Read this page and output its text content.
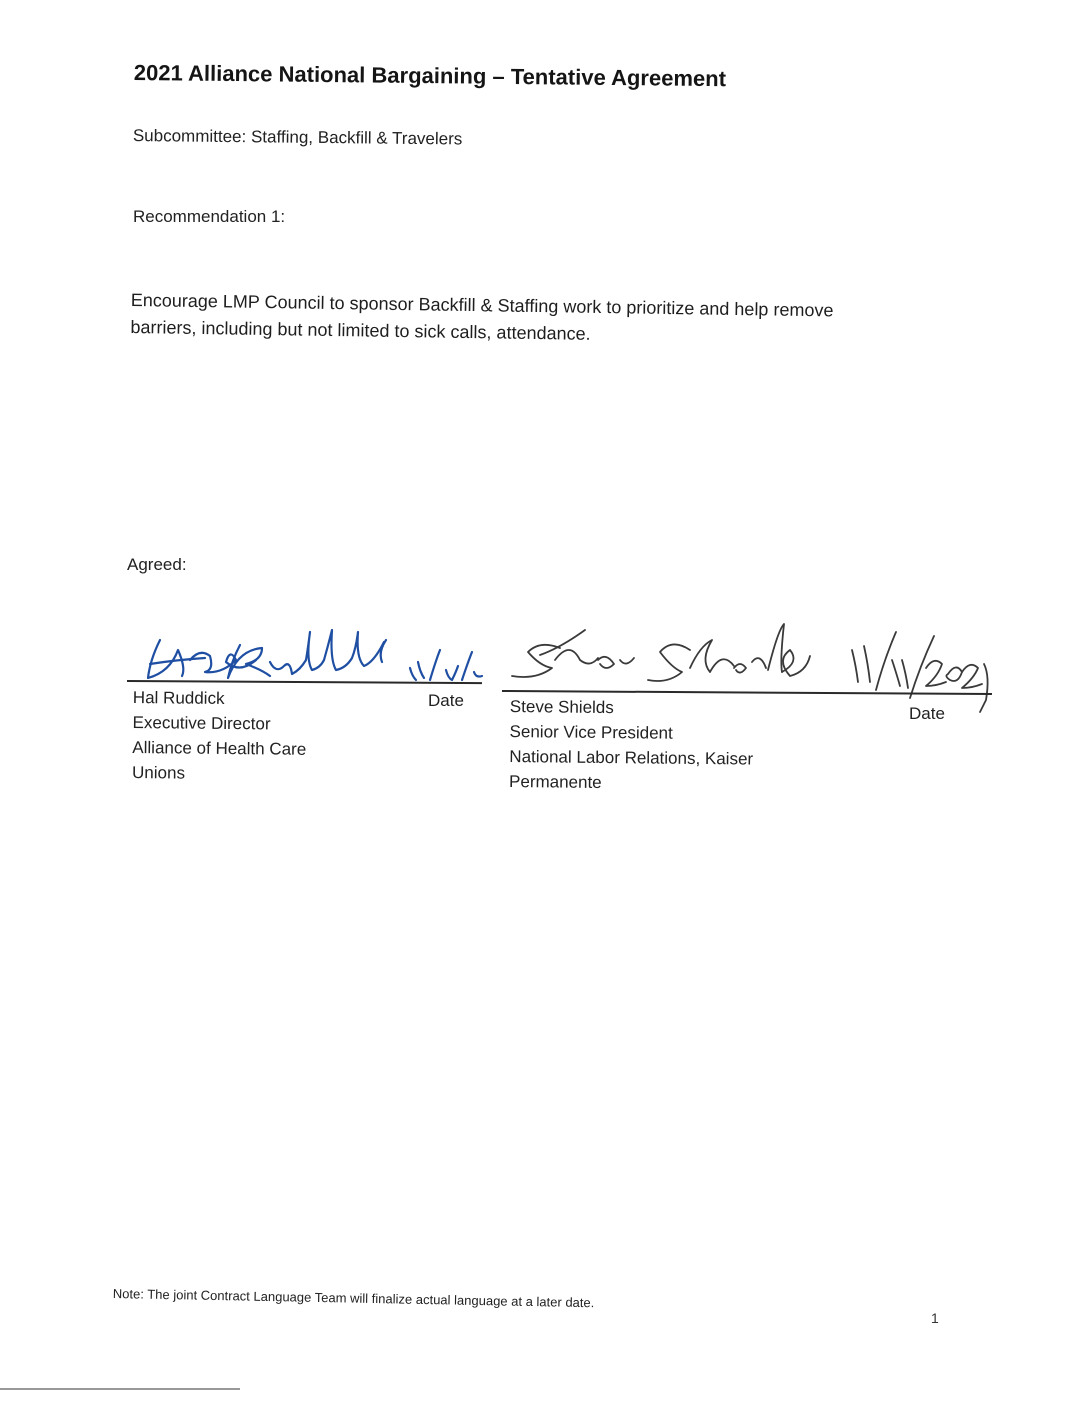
2021 Alliance National Bargaining – Tentative Agreement
Subcommittee: Staffing, Backfill & Travelers
Recommendation 1:
Encourage LMP Council to sponsor Backfill & Staffing work to prioritize and help remove
barriers, including but not limited to sick calls, attendance.
Agreed:
Date
Date
Hal Ruddick
Executive Director
Alliance of Health Care
Unions
Steve Shields
Senior Vice President
National Labor Relations, Kaiser
Permanente
Note: The joint Contract Language Team will finalize actual language at a later date.
1
